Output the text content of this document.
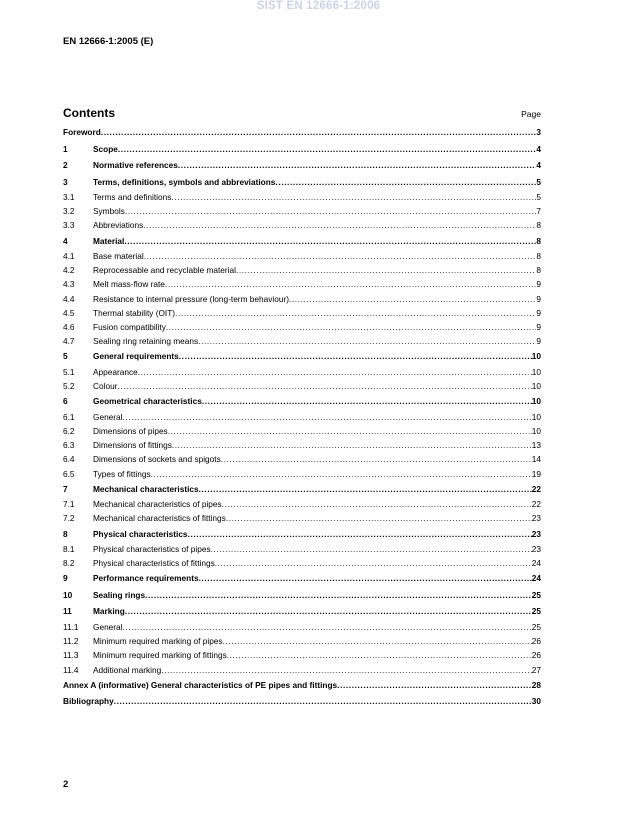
SIST EN 12666-1:2006
EN 12666-1:2005 (E)
Contents	Page
Foreword .....	3
1	Scope .....	4
2	Normative references .....	4
3	Terms, definitions, symbols and abbreviations .....	5
3.1	Terms and definitions .....	5
3.2	Symbols .....	7
3.3	Abbreviations .....	8
4	Material .....	8
4.1	Base material .....	8
4.2	Reprocessable and recyclable material .....	8
4.3	Melt mass-flow rate .....	9
4.4	Resistance to internal pressure (long-term behaviour) .....	9
4.5	Thermal stability (OIT) .....	9
4.6	Fusion compatibility .....	9
4.7	Sealing ring retaining means .....	9
5	General requirements .....	10
5.1	Appearance .....	10
5.2	Colour .....	10
6	Geometrical characteristics .....	10
6.1	General .....	10
6.2	Dimensions of pipes .....	10
6.3	Dimensions of fittings .....	13
6.4	Dimensions of sockets and spigots .....	14
6.5	Types of fittings .....	19
7	Mechanical characteristics .....	22
7.1	Mechanical characteristics of pipes .....	22
7.2	Mechanical characteristics of fittings .....	23
8	Physical characteristics .....	23
8.1	Physical characteristics of pipes .....	23
8.2	Physical characteristics of fittings .....	24
9	Performance requirements .....	24
10	Sealing rings .....	25
11	Marking .....	25
11.1	General .....	25
11.2	Minimum required marking of pipes .....	26
11.3	Minimum required marking of fittings .....	26
11.4	Additional marking .....	27
Annex A (informative) General characteristics of PE pipes and fittings .....	28
Bibliography .....	30
2
